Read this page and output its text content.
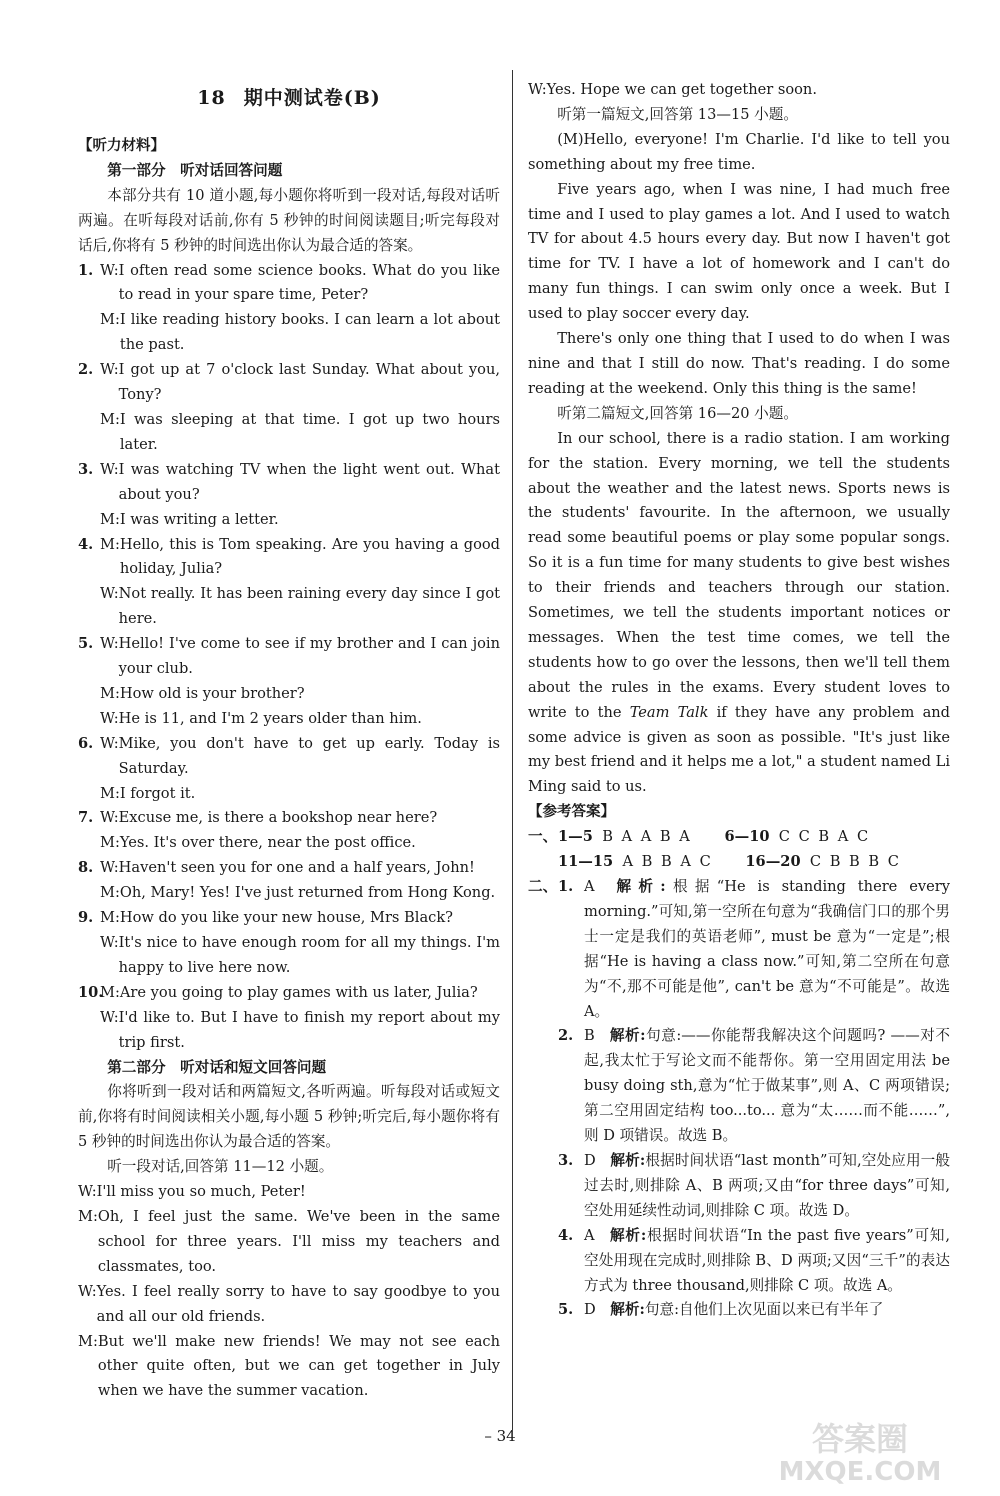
18 期中测试卷(B)
【听力材料】
第一部分　听对话回答问题
本部分共有 10 道小题,每小题你将听到一段对话,每段对话听两遍。在听每段对话前,你有 5 秒钟的时间阅读题目;听完每段对话后,你将有 5 秒钟的时间选出你认为最合适的答案。
1. W: I often read some science books. What do you like to read in your spare time, Peter?
M: I like reading history books. I can learn a lot about the past.
2. W: I got up at 7 o'clock last Sunday. What about you, Tony?
M: I was sleeping at that time. I got up two hours later.
3. W: I was watching TV when the light went out. What about you?
M: I was writing a letter.
4. M: Hello, this is Tom speaking. Are you having a good holiday, Julia?
W: Not really. It has been raining every day since I got here.
5. W: Hello! I've come to see if my brother and I can join your club.
M: How old is your brother?
W: He is 11, and I'm 2 years older than him.
6. W: Mike, you don't have to get up early. Today is Saturday.
M: I forgot it.
7. W: Excuse me, is there a bookshop near here?
M: Yes. It's over there, near the post office.
8. W: Haven't seen you for one and a half years, John!
M: Oh, Mary! Yes! I've just returned from Hong Kong.
9. M: How do you like your new house, Mrs Black?
W: It's nice to have enough room for all my things. I'm happy to live here now.
10.
M: Are you going to play games with us later, Julia?
W: I'd like to. But I have to finish my report about my trip first.
第二部分　听对话和短文回答问题
你将听到一段对话和两篇短文,各听两遍。听每段对话或短文前,你将有时间阅读相关小题,每小题 5 秒钟;听完后,每小题你将有 5 秒钟的时间选出你认为最合适的答案。
听一段对话,回答第 11—12 小题。
W: I'll miss you so much, Peter!
M: Oh, I feel just the same. We've been in the same school for three years. I'll miss my teachers and classmates, too.
W: Yes. I feel really sorry to have to say goodbye to you and all our old friends.
M: But we'll make new friends! We may not see each other quite often, but we can get together in July when we have the summer vacation.
W: Yes. Hope we can get together soon.
听第一篇短文,回答第 13—15 小题。
(M)Hello, everyone! I'm Charlie. I'd like to tell you something about my free time.
Five years ago, when I was nine, I had much free time and I used to play games a lot. And I used to watch TV for about 4.5 hours every day. But now I haven't got time for TV. I have a lot of homework and I can't do many fun things. I can swim only once a week. But I used to play soccer every day.
There's only one thing that I used to do when I was nine and that I still do now. That's reading. I do some reading at the weekend. Only this thing is the same!
听第二篇短文,回答第 16—20 小题。
In our school, there is a radio station. I am working for the station. Every morning, we tell the students about the weather and the latest news. Sports news is the students' favourite. In the afternoon, we usually read some beautiful poems or play some popular songs. So it is a fun time for many students to give best wishes to their friends and teachers through our station. Sometimes, we tell the students important notices or messages. When the test time comes, we tell the students how to go over the lessons, then we'll tell them about the rules in the exams. Every student loves to write to the Team Talk if they have any problem and some advice is given as soon as possible. "It's just like my best friend and it helps me a lot," a student named Li Ming said to us.
【参考答案】
一、 1—5 B A A B A 6—10 C C B A C
11—15 A B B A C 16—20 C B B B C
二、 1. A  解析:根据“He is standing there every morning.”可知,第一空所在句意为“我确信门口的那个男士一定是我们的英语老师”, must be 意为“一定是”;根据“He is having a class now.”可知,第二空所在句意为“不,那不可能是他”, can't be 意为“不可能是”。故选 A。
2. B  解析:句意:——你能帮我解决这个问题吗? ——对不起,我太忙于写论文而不能帮你。第一空用固定用法 be busy doing sth,意为“忙于做某事”,则 A、C 两项错误;第二空用固定结构 too...to... 意为“太……而不能……”,则 D 项错误。故选 B。
3. D  解析:根据时间状语“last month”可知,空处应用一般过去时,则排除 A、B 两项;又由“for three days”可知,空处用延续性动词,则排除 C 项。故选 D。
4. A  解析:根据时间状语“In the past five years”可知,空处用现在完成时,则排除 B、D 两项;又因“三千”的表达方式为 three thousand,则排除 C 项。故选 A。
5. D  解析:句意:自他们上次见面以来已有半年了
– 34	答案圈
MXQE.COM
